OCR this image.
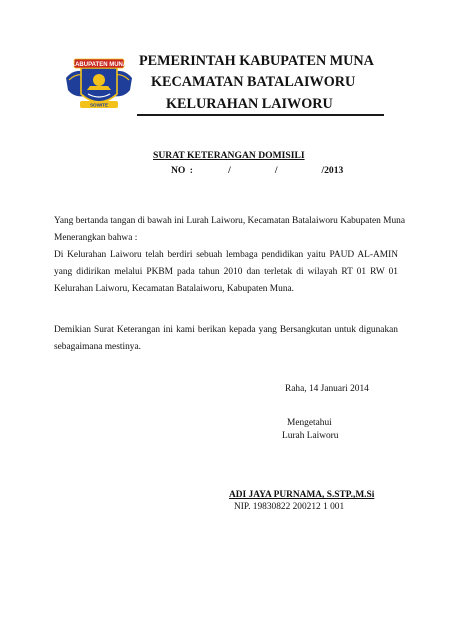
KABUPATEN MUNA
SOWITE
PEMERINTAH KABUPATEN MUNA
KECAMATAN BATALAIWORU
KELURAHAN LAIWORU
SURAT KETERANGAN DOMISILI
NO :        /          /          /2013
Yang bertanda tangan di bawah ini Lurah Laiworu, Kecamatan Batalaiworu Kabupaten Muna
Menerangkan bahwa :
Di Kelurahan Laiworu telah berdiri sebuah lembaga pendidikan yaitu PAUD AL-AMIN
yang didirikan melalui PKBM pada tahun 2010 dan terletak di wilayah RT 01 RW 01
Kelurahan Laiworu, Kecamatan Batalaiworu, Kabupaten Muna.
Demikian Surat Keterangan ini kami berikan kepada yang Bersangkutan untuk digunakan
sebagaimana mestinya.
Raha, 14 Januari 2014
Mengetahui
Lurah Laiworu
ADI JAYA PURNAMA, S.STP.,M.Si
NIP. 19830822 200212 1 001
